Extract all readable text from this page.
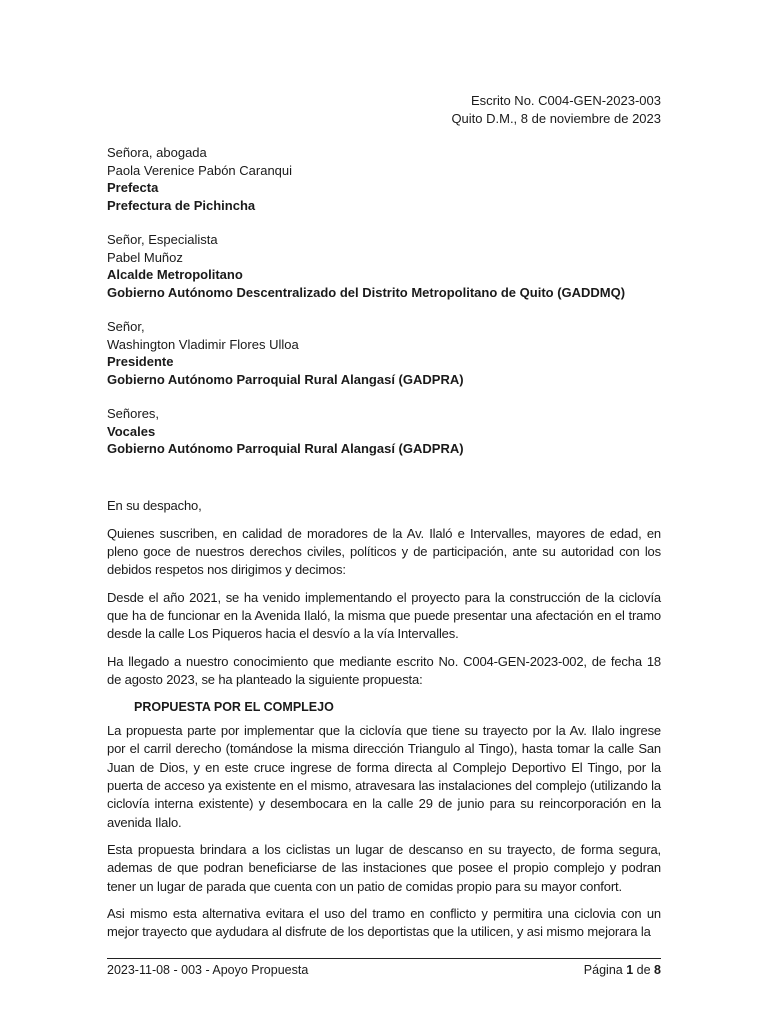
Escrito No. C004-GEN-2023-003

Quito D.M., 8 de noviembre de 2023

Señora, abogada

Paola Verenice Pabón Caranqui

Prefecta

Prefectura de Pichincha

Señor, Especialista

Pabel Muñoz

Alcalde Metropolitano

Gobierno Autónomo Descentralizado del Distrito Metropolitano de Quito (GADDMQ)

Señor,

Washington Vladimir Flores Ulloa

Presidente

Gobierno Autónomo Parroquial Rural Alangasí (GADPRA)

Señores,

Vocales

Gobierno Autónomo Parroquial Rural Alangasí (GADPRA)

En su despacho,

Quienes suscriben, en calidad de moradores de la Av. Ilaló e Intervalles, mayores de edad, en pleno goce de nuestros derechos civiles, políticos y de participación, ante su autoridad con los debidos respetos nos dirigimos y decimos:

Desde el año 2021, se ha venido implementando el proyecto para la construcción de la ciclovía que ha de funcionar en la Avenida Ilaló, la misma que puede presentar una afectación en el tramo desde la calle Los Piqueros hacia el desvío a la vía Intervalles.

Ha llegado a nuestro conocimiento que mediante escrito No. C004-GEN-2023-002, de fecha 18 de agosto 2023, se ha planteado la siguiente propuesta:

PROPUESTA POR EL COMPLEJO

La propuesta parte por implementar que la ciclovía que tiene su trayecto por la Av. Ilalo ingrese por el carril derecho (tomándose la misma dirección Triangulo al Tingo), hasta tomar la calle San Juan de Dios, y en este cruce ingrese de forma directa al Complejo Deportivo El Tingo, por la puerta de acceso ya existente en el mismo, atravesara las instalaciones del complejo (utilizando la ciclovía interna existente) y desembocara en la calle 29 de junio para su reincorporación en la avenida Ilalo.

Esta propuesta brindara a los ciclistas un lugar de descanso en su trayecto, de forma segura, ademas de que podran beneficiarse de las instaciones que posee el propio complejo y podran tener un lugar de parada que cuenta con un patio de comidas propio para su mayor confort.

Asi mismo esta alternativa evitara el uso del tramo en conflicto y permitira una ciclovia con un mejor trayecto que aydudara al disfrute de los deportistas que la utilicen, y asi mismo mejorara la

2023-11-08 - 003 - Apoyo Propuesta	Página 1 de 8
